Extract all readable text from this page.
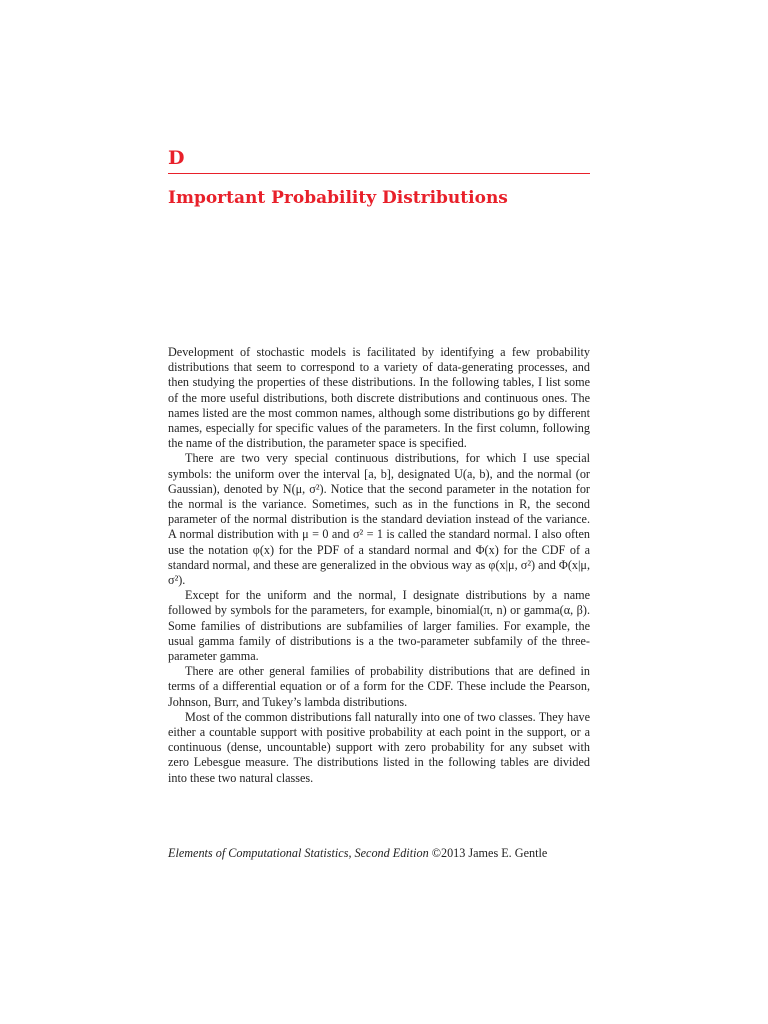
D
Important Probability Distributions

Development of stochastic models is facilitated by identifying a few probability distributions that seem to correspond to a variety of data-generating processes, and then studying the properties of these distributions. In the following tables, I list some of the more useful distributions, both discrete distributions and continuous ones. The names listed are the most common names, although some distributions go by different names, especially for specific values of the parameters. In the first column, following the name of the distribution, the parameter space is specified.

There are two very special continuous distributions, for which I use special symbols: the uniform over the interval [a, b], designated U(a, b), and the normal (or Gaussian), denoted by N(μ, σ²). Notice that the second parameter in the notation for the normal is the variance. Sometimes, such as in the functions in R, the second parameter of the normal distribution is the standard deviation instead of the variance. A normal distribution with μ = 0 and σ² = 1 is called the standard normal. I also often use the notation φ(x) for the PDF of a standard normal and Φ(x) for the CDF of a standard normal, and these are generalized in the obvious way as φ(x|μ, σ²) and Φ(x|μ, σ²).

Except for the uniform and the normal, I designate distributions by a name followed by symbols for the parameters, for example, binomial(π, n) or gamma(α, β). Some families of distributions are subfamilies of larger families. For example, the usual gamma family of distributions is a the two-parameter subfamily of the three-parameter gamma.

There are other general families of probability distributions that are defined in terms of a differential equation or of a form for the CDF. These include the Pearson, Johnson, Burr, and Tukey’s lambda distributions.

Most of the common distributions fall naturally into one of two classes. They have either a countable support with positive probability at each point in the support, or a continuous (dense, uncountable) support with zero probability for any subset with zero Lebesgue measure. The distributions listed in the following tables are divided into these two natural classes.

Elements of Computational Statistics, Second Edition ©2013 James E. Gentle
